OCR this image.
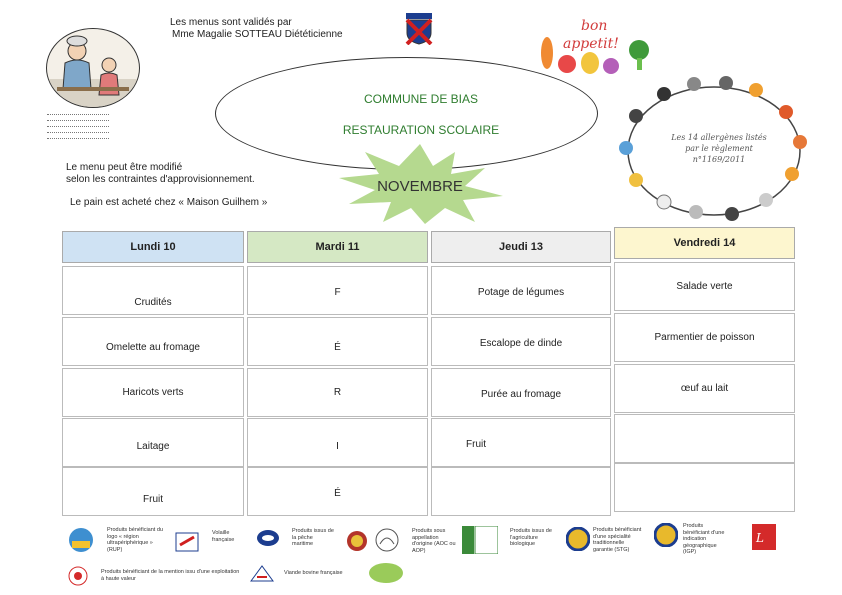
Les menus sont validés par
Mme Magalie SOTTEAU Diététicienne
COMMUNE DE BIAS
RESTAURATION SCOLAIRE
Le menu peut être modifié
selon les contraintes d'approvisionnement.
Le pain est acheté chez « Maison Guilhem »
NOVEMBRE
bon
appetit!
Les 14 allergènes listés
par le règlement n°1169/2011
Lundi 10
Crudités
Omelette au fromage
Haricots verts
Laitage
Fruit
Mardi 11
F
É
R
I
É
Jeudi 13
Potage de légumes
Escalope de dinde
Purée au fromage
Fruit
Vendredi 14
Salade verte
Parmentier de poisson
œuf au lait
Produits bénéficiant du logo « région ultrapériphérique » (RUP)
Volaille française
Produits issus de la pêche maritime
Produits sous appellation d'origine (AOC ou AOP)
Produits issus de l'agriculture biologique
Produits bénéficiant d'une spécialité traditionnelle garantie (STG)
Produits bénéficiant d'une indication géographique (IGP)
L
Produits bénéficiant de la mention issu d'une exploitation à haute valeur
Viande bovine française
